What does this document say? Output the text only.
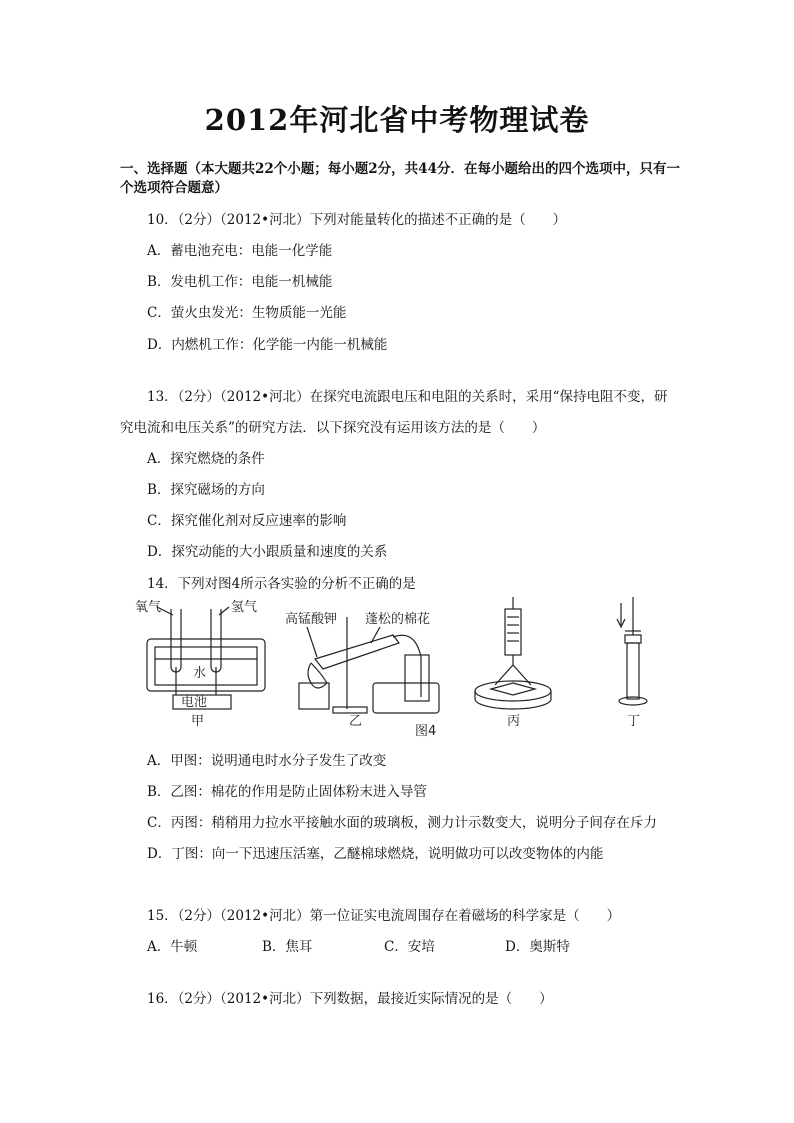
2012年河北省中考物理试卷
一、选择题（本大题共22个小题；每小题2分，共44分．在每小题给出的四个选项中，只有一个选项符合题意）
10．（2分）（2012•河北）下列对能量转化的描述不正确的是（　　）
A．蓄电池充电：电能一化学能
B．发电机工作：电能一机械能
C．萤火虫发光：生物质能一光能
D．内燃机工作：化学能一内能一机械能
13．（2分）（2012•河北）在探究电流跟电压和电阻的关系时，采用“保持电阻不变，研
究电流和电压关系”的研究方法．以下探究没有运用该方法的是（　　）
A．探究燃烧的条件
B．探究磁场的方向
C．探究催化剂对反应速率的影响
D．探究动能的大小跟质量和速度的关系
14．下列对图4所示各实验的分析不正确的是
氧气	氢气
水
电池
甲
高锰酸钾 蓬松的棉花
乙
图4
丙	丁
A．甲图：说明通电时水分子发生了改变
B．乙图：棉花的作用是防止固体粉末进入导管
C．丙图：稍稍用力拉水平接触水面的玻璃板，测力计示数变大，说明分子间存在斥力
D．丁图：向一下迅速压活塞，乙醚棉球燃烧，说明做功可以改变物体的内能
15．（2分）（2012•河北）第一位证实电流周围存在着磁场的科学家是（　　）
A．牛顿	B．焦耳	C．安培	D．奥斯特
16．（2分）（2012•河北）下列数据，最接近实际情况的是（　　）
